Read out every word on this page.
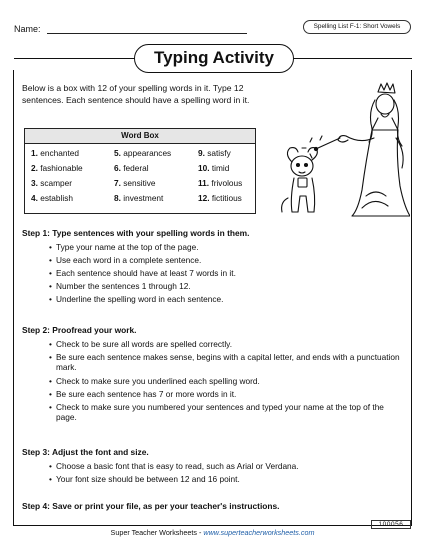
Name:	Spelling List F-1: Short Vowels
Typing Activity
Below is a box with 12 of your spelling words in it. Type 12 sentences. Each sentence should have a spelling word in it.
Word Box
1. enchanted	5. appearances	9. satisfy
2. fashionable	6. federal	10. timid
3. scamper	7. sensitive	11. frivolous
4. establish	8. investment	12. fictitious
Step 1: Type sentences with your spelling words in them.
• Type your name at the top of the page.
• Use each word in a complete sentence.
• Each sentence should have at least 7 words in it.
• Number the sentences 1 through 12.
• Underline the spelling word in each sentence.
Step 2: Proofread your work.
• Check to be sure all words are spelled correctly.
• Be sure each sentence makes sense, begins with a capital letter, and ends with a punctuation mark.
• Check to make sure you underlined each spelling word.
• Be sure each sentence has 7 or more words in it.
• Check to make sure you numbered your sentences and typed your name at the top of the page.
Step 3: Adjust the font and size.
• Choose a basic font that is easy to read, such as Arial or Verdana.
• Your font size should be between 12 and 16 point.
Step 4: Save or print your file, as per your teacher's instructions.
Super Teacher Worksheets - www.superteacherworksheets.com
100056
